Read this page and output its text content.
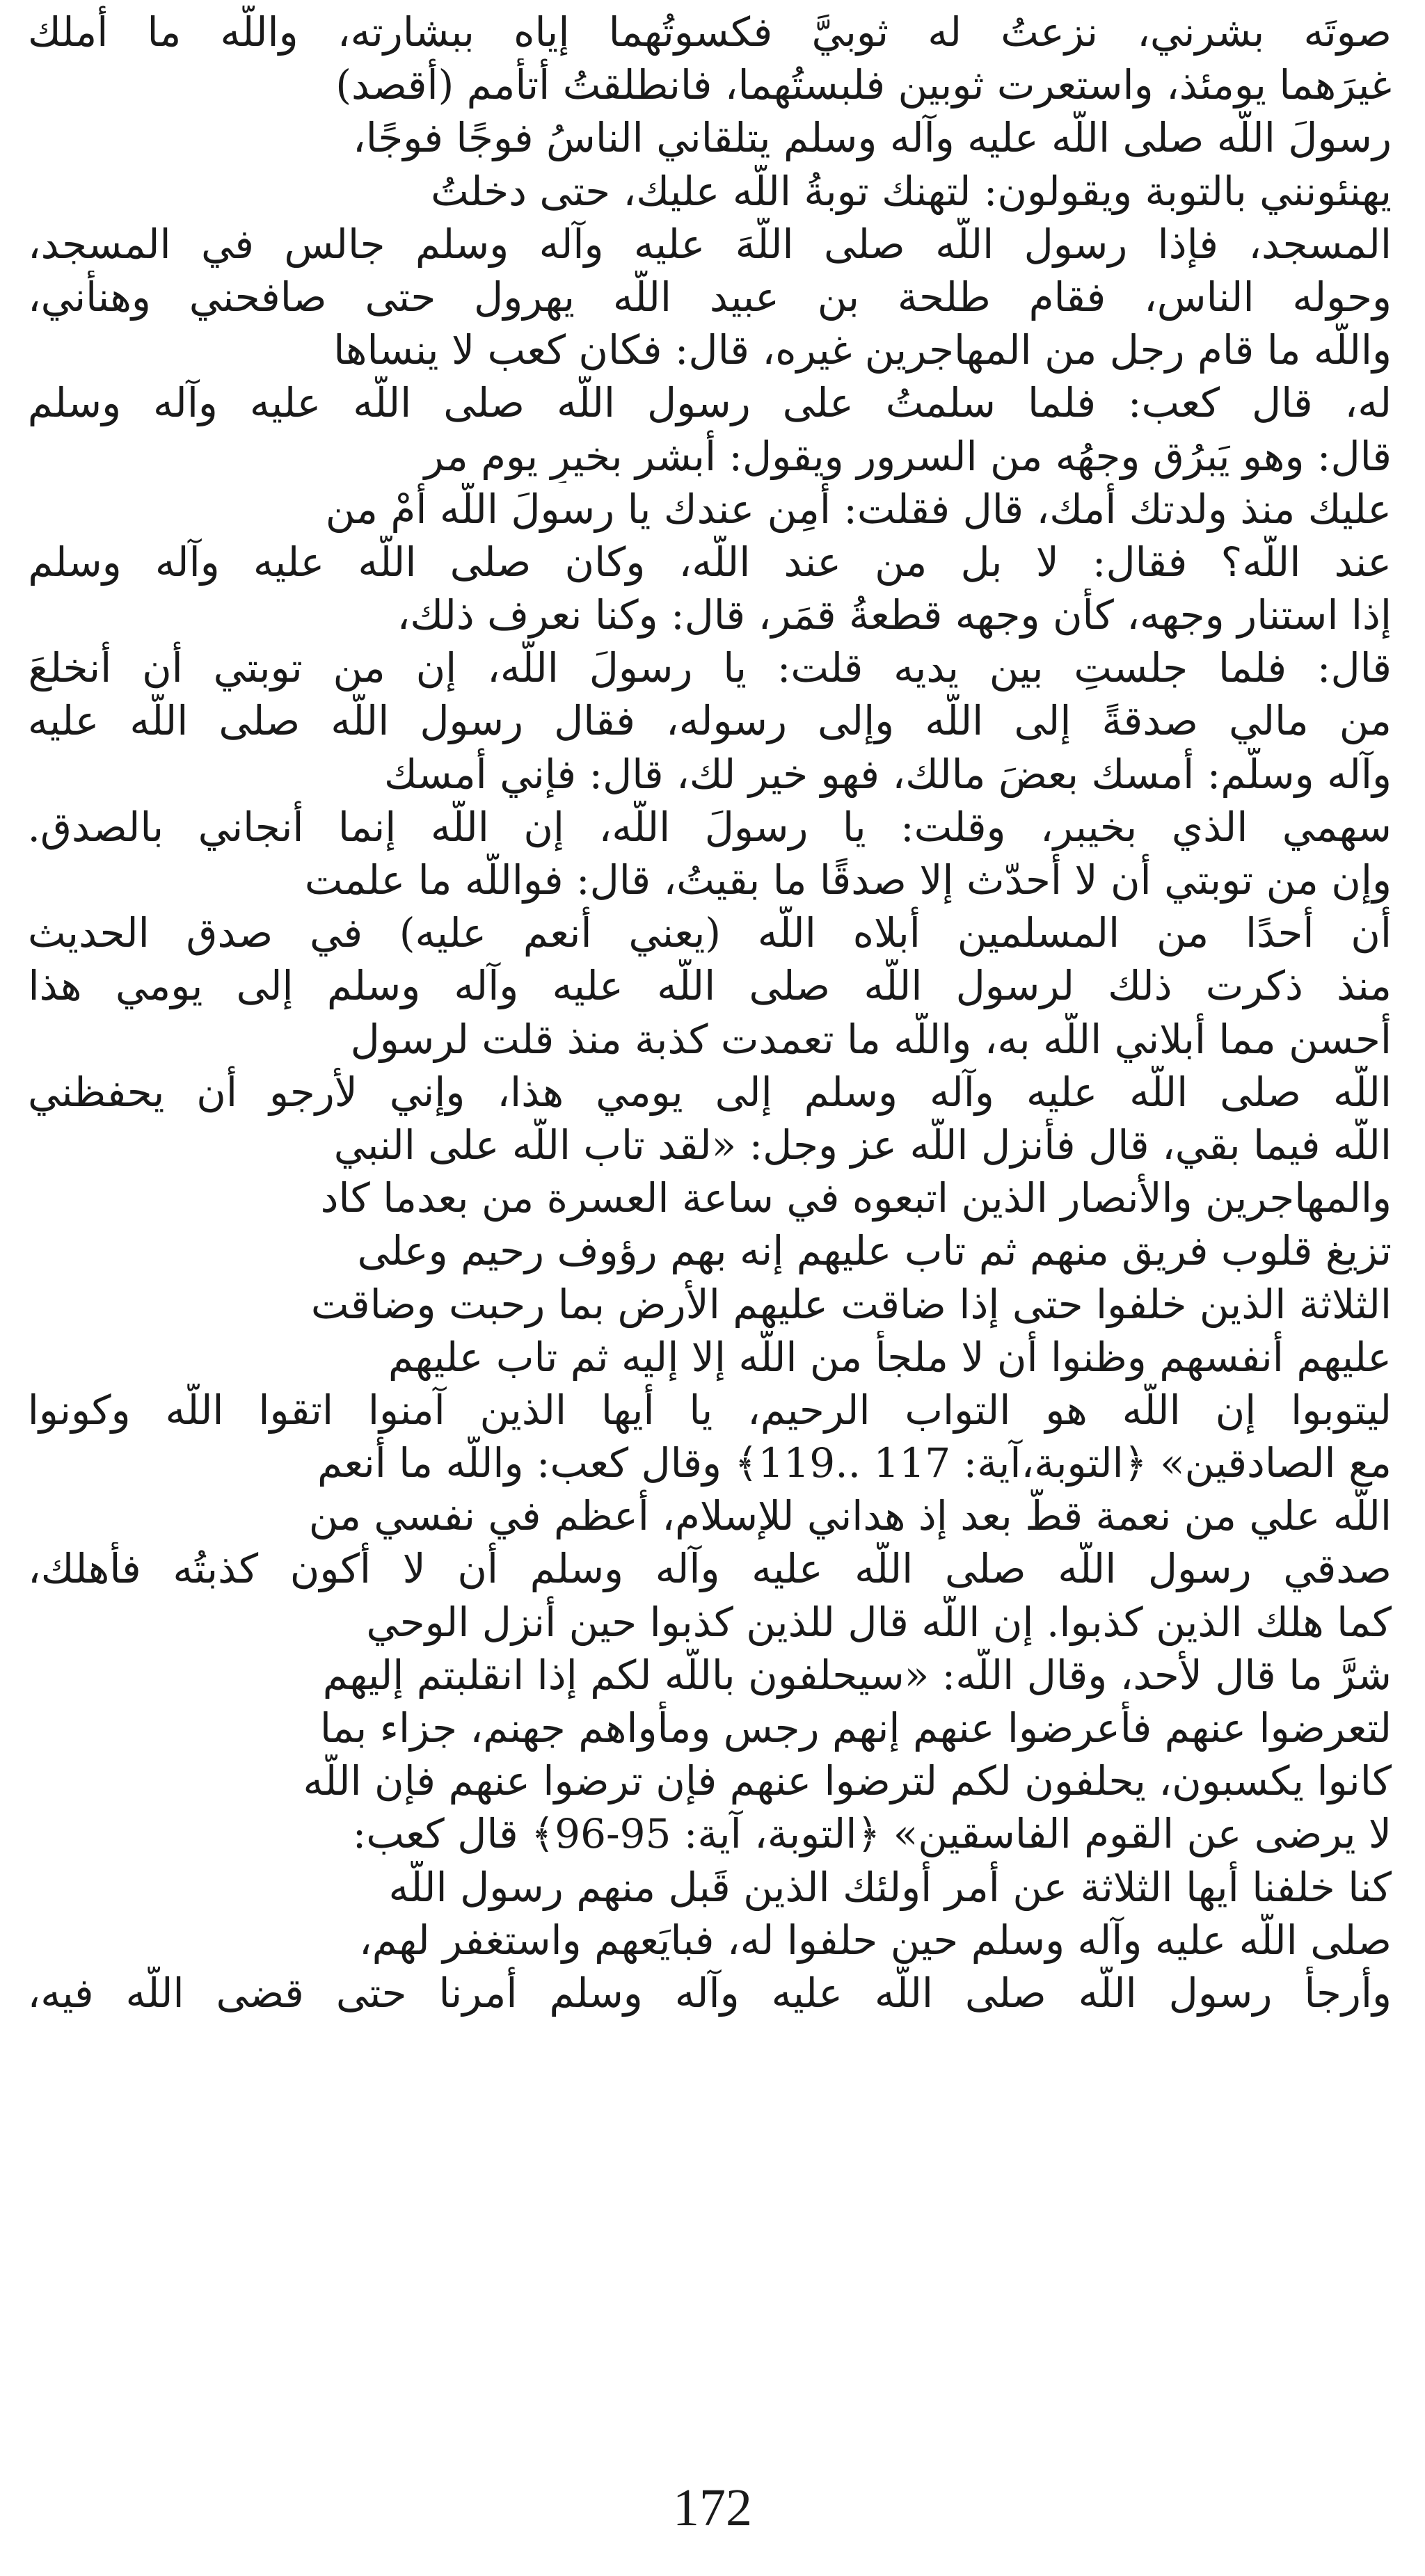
صوتَه بشرني، نزعتُ له ثوبيَّ فكسوتُهما إياه ببشارته، واللّه ما أملك
غيرَهما يومئذ، واستعرت ثوبين فلبستُهما، فانطلقتُ أتأمم (أقصد)
رسولَ اللّه صلى اللّه عليه وآله وسلم يتلقاني الناسُ فوجًا فوجًا،
يهنئونني بالتوبة ويقولون: لتهنك توبةُ اللّه عليك، حتى دخلتُ
المسجد، فإذا رسول اللّه صلى اللّهَ عليه وآله وسلم جالس في المسجد،
وحوله الناس، فقام طلحة بن عبيد اللّه يهرول حتى صافحني وهنأني،
واللّه ما قام رجل من المهاجرين غيره، قال: فكان كعب لا ينساها
له، قال كعب: فلما سلمتُ على رسول اللّه صلى اللّه عليه وآله وسلم
قال: وهو يَبرُق وجهُه من السرور ويقول: أبشر بخيرِ يوم مر
عليك منذ ولدتك أمك، قال فقلت: أمِن عندك يا رسولَ اللّه أمْ من
عند اللّه؟ فقال: لا بل من عند اللّه، وكان صلى اللّه عليه وآله وسلم
إذا استنار وجهه، كأن وجهه قطعةُ قمَر، قال: وكنا نعرف ذلك،
قال: فلما جلستِ بين يديه قلت: يا رسولَ اللّه، إن من توبتي أن أنخلعَ
من مالي صدقةً إلى اللّه وإلى رسوله، فقال رسول اللّه صلى اللّه عليه
وآله وسلّم: أمسك بعضَ مالك، فهو خير لك، قال: فإني أمسك
سهمي الذي بخيبر، وقلت: يا رسولَ اللّه، إن اللّه إنما أنجاني بالصدق.
وإن من توبتي أن لا أحدّث إلا صدقًا ما بقيتُ، قال: فواللّه ما علمت
أن أحدًا من المسلمين أبلاه اللّه (يعني أنعم عليه) في صدق الحديث
منذ ذكرت ذلك لرسول اللّه صلى اللّه عليه وآله وسلم إلى يومي هذا
أحسن مما أبلاني اللّه به، واللّه ما تعمدت كذبة منذ قلت لرسول
اللّه صلى اللّه عليه وآله وسلم إلى يومي هذا، وإني لأرجو أن يحفظني
اللّه فيما بقي، قال فأنزل اللّه عز وجل: «لقد تاب اللّه على النبي
والمهاجرين والأنصار الذين اتبعوه في ساعة العسرة من بعدما كاد
تزيغ قلوب فريق منهم ثم تاب عليهم إنه بهم رؤوف رحيم وعلى
الثلاثة الذين خلفوا حتى إذا ضاقت عليهم الأرض بما رحبت وضاقت
عليهم أنفسهم وظنوا أن لا ملجأ من اللّه إلا إليه ثم تاب عليهم
ليتوبوا إن اللّه هو التواب الرحيم، يا أيها الذين آمنوا اتقوا اللّه وكونوا
مع الصادقين» ﴿التوبة،آية: 117 ..119﴾ وقال كعب: واللّه ما أنعم
اللّه علي من نعمة قطّ بعد إذ هداني للإسلام، أعظم في نفسي من
صدقي رسول اللّه صلى اللّه عليه وآله وسلم أن لا أكون كذبتُه فأهلك،
كما هلك الذين كذبوا. إن اللّه قال للذين كذبوا حين أنزل الوحي
شرَّ ما قال لأحد، وقال اللّه: «سيحلفون باللّه لكم إذا انقلبتم إليهم
لتعرضوا عنهم فأعرضوا عنهم إنهم رجس ومأواهم جهنم، جزاء بما
كانوا يكسبون، يحلفون لكم لترضوا عنهم فإن ترضوا عنهم فإن اللّه
لا يرضى عن القوم الفاسقين» ﴿التوبة، آية: 95-96﴾ قال كعب:
كنا خلفنا أيها الثلاثة عن أمر أولئك الذين قَبل منهم رسول اللّه
صلى اللّه عليه وآله وسلم حين حلفوا له، فبايَعهم واستغفر لهم،
وأرجأ رسول اللّه صلى اللّه عليه وآله وسلم أمرنا حتى قضى اللّه فيه،
172
